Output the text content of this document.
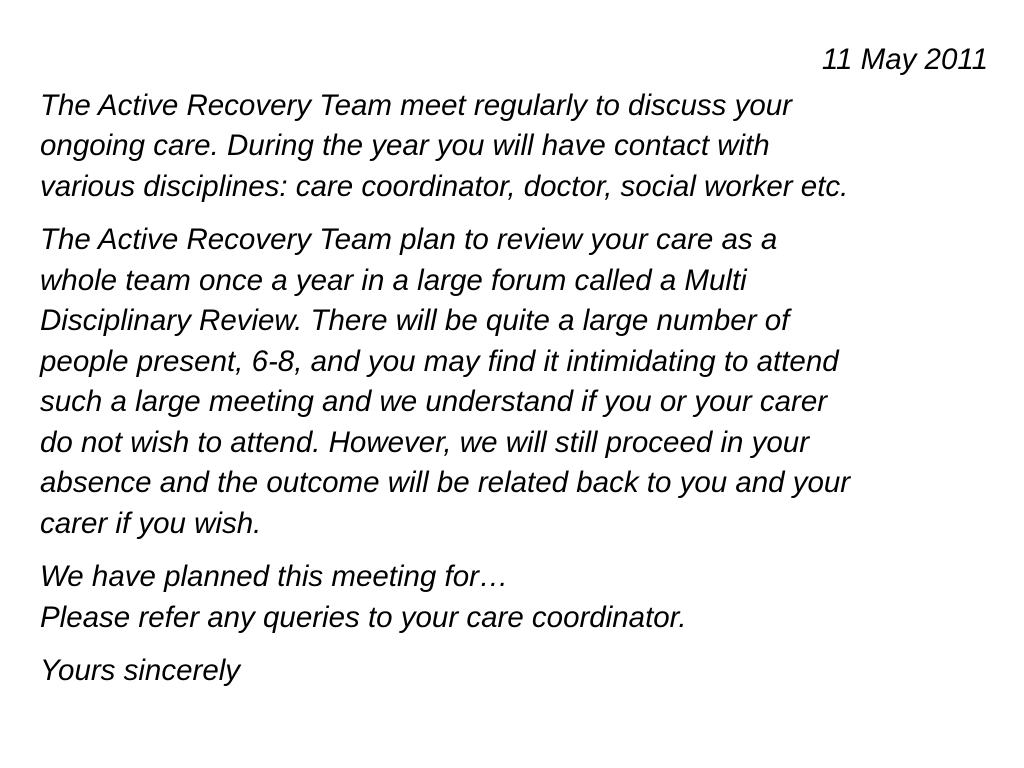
11 May 2011
The Active Recovery Team meet regularly to discuss your
ongoing care. During the year you will have contact with
various disciplines: care coordinator, doctor, social worker etc.
The Active Recovery Team plan to review your care as a
whole team once a year in a large forum called a Multi
Disciplinary Review. There will be quite a large number of
people present, 6-8, and you may find it intimidating to attend
such a large meeting and we understand if you or your carer
do not wish to attend. However, we will still proceed in your
absence and the outcome will be related back to you and your
carer if you wish.
We have planned this meeting for…
Please refer any queries to your care coordinator.
Yours sincerely
